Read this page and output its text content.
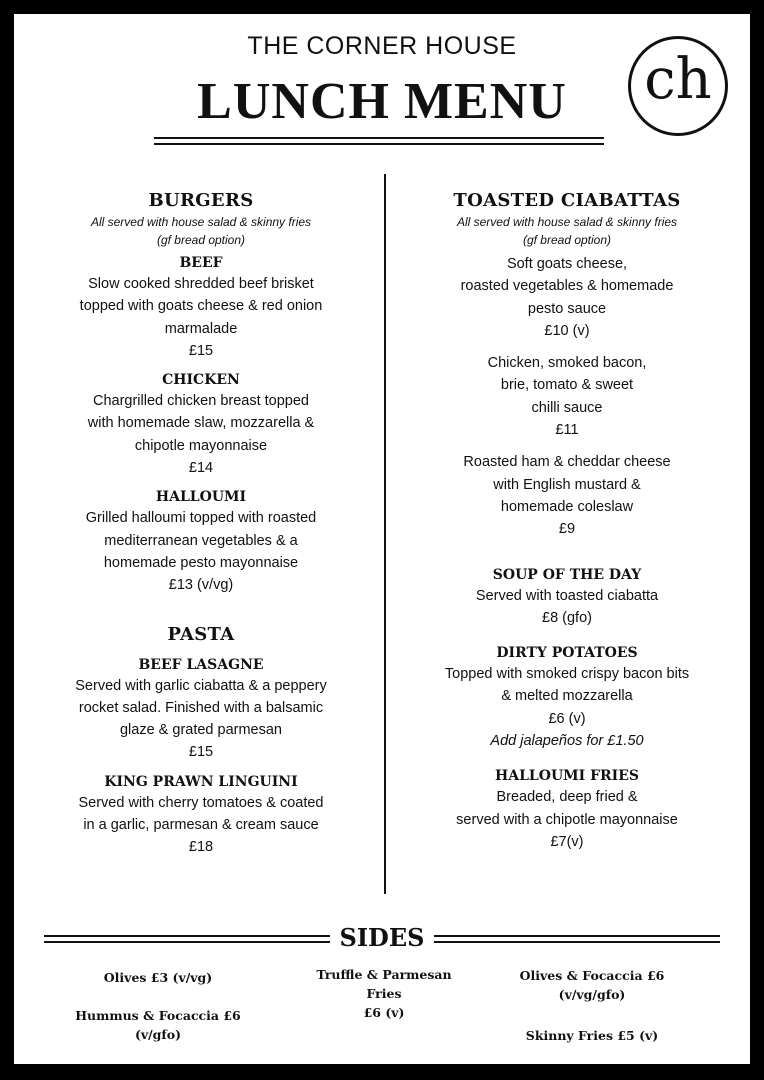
THE CORNER HOUSE
LUNCH MENU	ch
BURGERS
All served with house salad & skinny fries
(gf bread option)
BEEF
Slow cooked shredded beef brisket
topped with goats cheese & red onion
marmalade
£15
CHICKEN
Chargrilled chicken breast topped
with homemade slaw, mozzarella &
chipotle mayonnaise
£14
HALLOUMI
Grilled halloumi topped with roasted
mediterranean vegetables & a
homemade pesto mayonnaise
£13 (v/vg)
PASTA
BEEF LASAGNE
Served with garlic ciabatta & a peppery
rocket salad. Finished with a balsamic
glaze & grated parmesan
£15
KING PRAWN LINGUINI
Served with cherry tomatoes & coated
in a garlic, parmesan & cream sauce
£18
TOASTED CIABATTAS
All served with house salad & skinny fries
(gf bread option)
Soft goats cheese,
roasted vegetables & homemade
pesto sauce
£10 (v)
Chicken, smoked bacon,
brie, tomato & sweet
chilli sauce
£11
Roasted ham & cheddar cheese
with English mustard &
homemade coleslaw
£9
SOUP OF THE DAY
Served with toasted ciabatta
£8 (gfo)
DIRTY POTATOES
Topped with smoked crispy bacon bits
& melted mozzarella
£6 (v)
Add jalapeños for £1.50
HALLOUMI FRIES
Breaded, deep fried &
served with a chipotle mayonnaise
£7(v)
SIDES
Olives £3 (v/vg)
Hummus & Focaccia £6
(v/gfo)
Truffle & Parmesan
Fries
£6 (v)
Olives & Focaccia £6
(v/vg/gfo)
Skinny Fries £5 (v)
